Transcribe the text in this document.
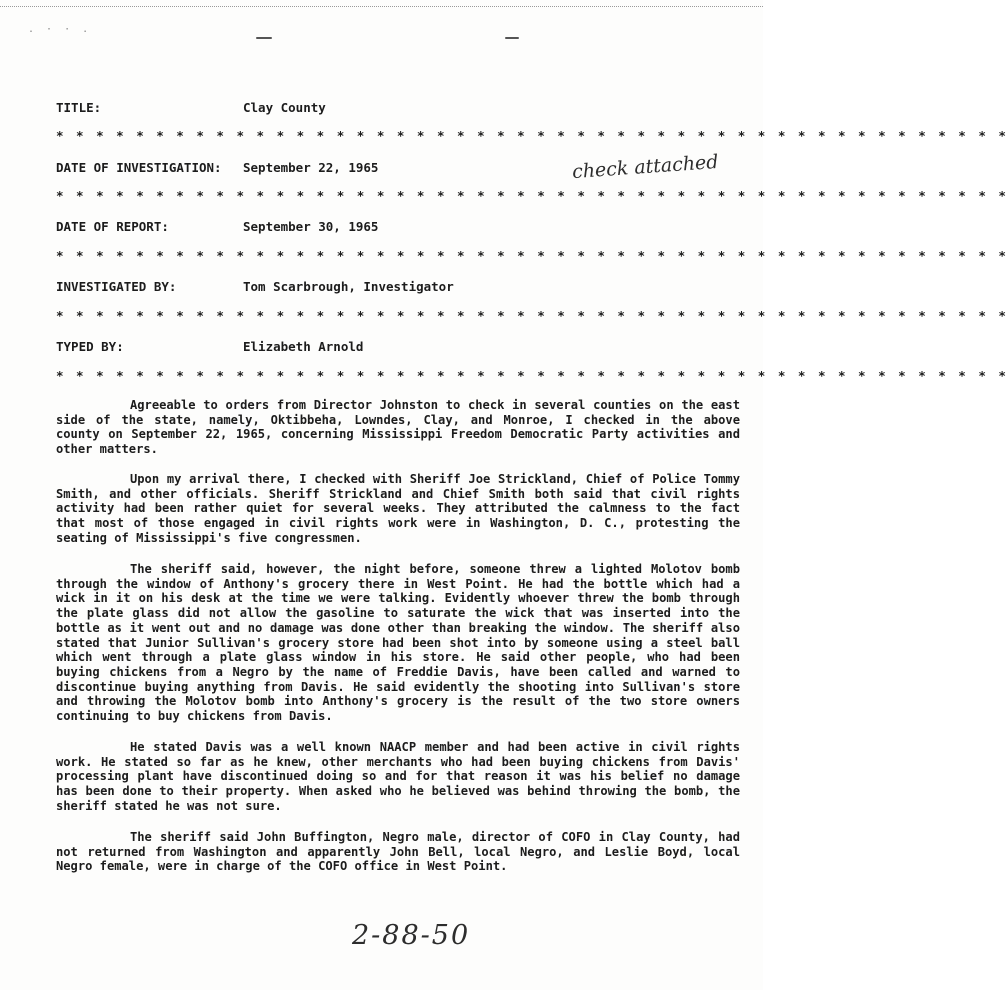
. · · .
TITLE:	Clay County
* * * * * * * * * * * * * * * * * * * * * * * * * * * * * * * * * * * * * * * * * * * * * * * *
DATE OF INVESTIGATION: September 22, 1965	check attached
* * * * * * * * * * * * * * * * * * * * * * * * * * * * * * * * * * * * * * * * * * * * * * * *
DATE OF REPORT:	September 30, 1965
* * * * * * * * * * * * * * * * * * * * * * * * * * * * * * * * * * * * * * * * * * * * * * * *
INVESTIGATED BY:	Tom Scarbrough, Investigator
* * * * * * * * * * * * * * * * * * * * * * * * * * * * * * * * * * * * * * * * * * * * * * * *
TYPED BY:	Elizabeth Arnold
* * * * * * * * * * * * * * * * * * * * * * * * * * * * * * * * * * * * * * * * * * * * * * * *

Agreeable to orders from Director Johnston to check in several counties on the east side of the state, namely, Oktibbeha, Lowndes, Clay, and Monroe, I checked in the above county on September 22, 1965, concerning Mississippi Freedom Democratic Party activities and other matters.

Upon my arrival there, I checked with Sheriff Joe Strickland, Chief of Police Tommy Smith, and other officials. Sheriff Strickland and Chief Smith both said that civil rights activity had been rather quiet for several weeks. They attributed the calmness to the fact that most of those engaged in civil rights work were in Washington, D. C., protesting the seating of Mississippi's five congressmen.

The sheriff said, however, the night before, someone threw a lighted Molotov bomb through the window of Anthony's grocery there in West Point. He had the bottle which had a wick in it on his desk at the time we were talking. Evidently whoever threw the bomb through the plate glass did not allow the gasoline to saturate the wick that was inserted into the bottle as it went out and no damage was done other than breaking the window. The sheriff also stated that Junior Sullivan's grocery store had been shot into by someone using a steel ball which went through a plate glass window in his store. He said other people, who had been buying chickens from a Negro by the name of Freddie Davis, have been called and warned to discontinue buying anything from Davis. He said evidently the shooting into Sullivan's store and throwing the Molotov bomb into Anthony's grocery is the result of the two store owners continuing to buy chickens from Davis.

He stated Davis was a well known NAACP member and had been active in civil rights work. He stated so far as he knew, other merchants who had been buying chickens from Davis' processing plant have discontinued doing so and for that reason it was his belief no damage has been done to their property. When asked who he believed was behind throwing the bomb, the sheriff stated he was not sure.

The sheriff said John Buffington, Negro male, director of COFO in Clay County, had not returned from Washington and apparently John Bell, local Negro, and Leslie Boyd, local Negro female, were in charge of the COFO office in West Point.

2-88-50
